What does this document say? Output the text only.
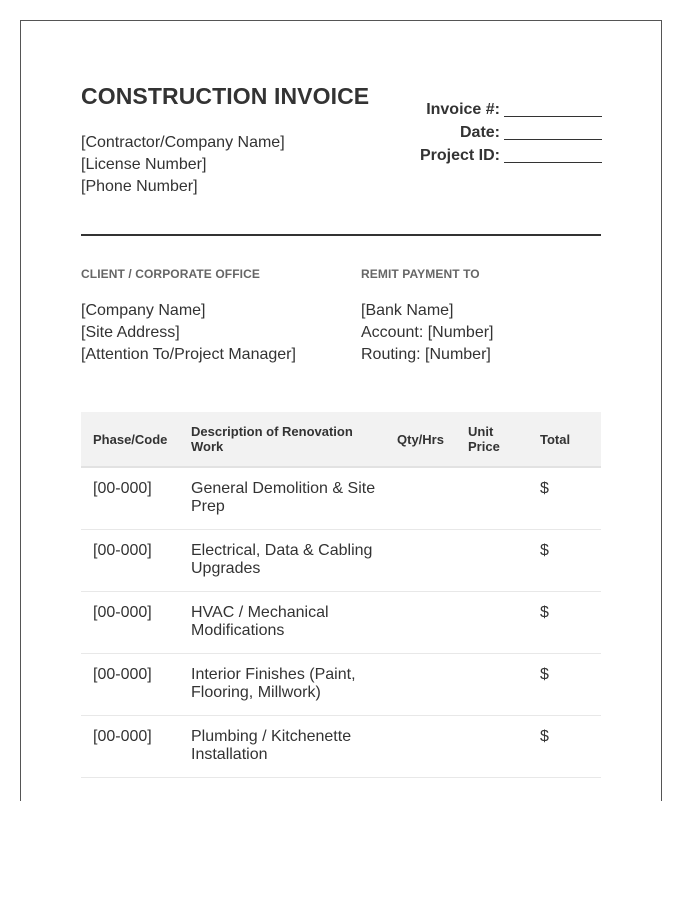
CONSTRUCTION INVOICE
[Contractor/Company Name]
[License Number]
[Phone Number]
Invoice #:
Date:
Project ID:
CLIENT / CORPORATE OFFICE	REMIT PAYMENT TO
[Company Name]
[Site Address]
[Attention To/Project Manager]
[Bank Name]
Account: [Number]
Routing: [Number]
Phase/Code	Description of Renovation Work	Qty/Hrs	Unit Price	Total
[00-000]	General Demolition & Site Prep			$
[00-000]	Electrical, Data & Cabling Upgrades			$
[00-000]	HVAC / Mechanical Modifications			$
[00-000]	Interior Finishes (Paint, Flooring, Millwork)			$
[00-000]	Plumbing / Kitchenette Installation			$
